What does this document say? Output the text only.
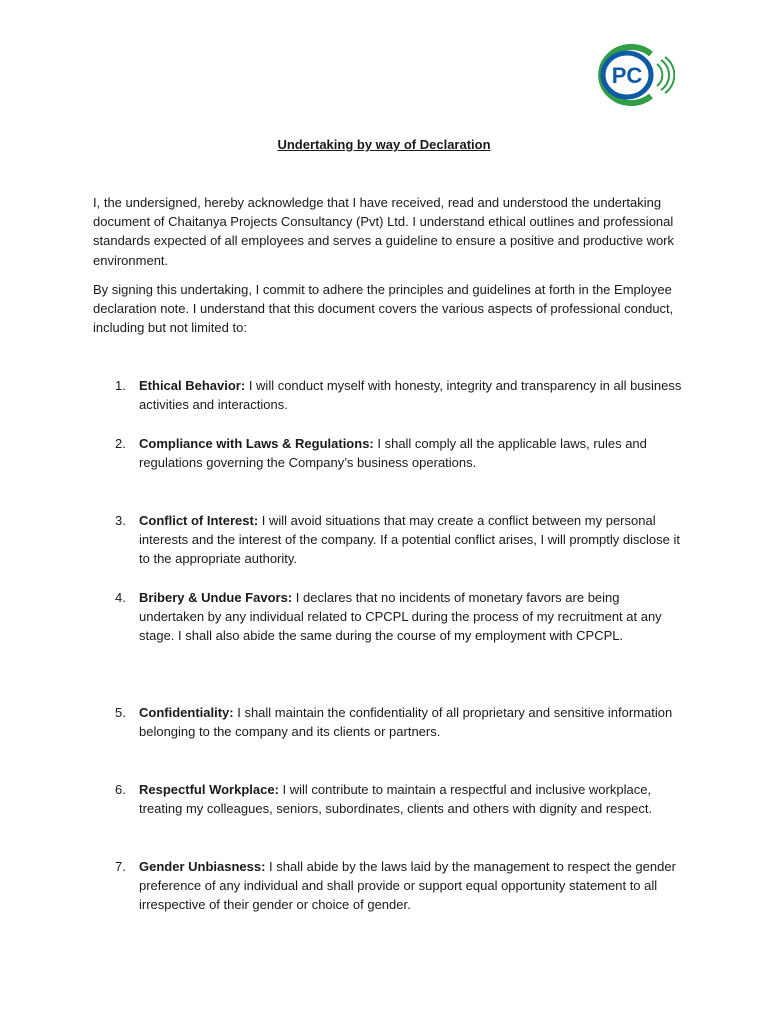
PC
Undertaking by way of Declaration

I, the undersigned, hereby acknowledge that I have received, read and understood the undertaking document of Chaitanya Projects Consultancy (Pvt) Ltd. I understand ethical outlines and professional standards expected of all employees and serves a guideline to ensure a positive and productive work environment.

By signing this undertaking, I commit to adhere the principles and guidelines at forth in the Employee declaration note. I understand that this document covers the various aspects of professional conduct, including but not limited to:

1.	Ethical Behavior: I will conduct myself with honesty, integrity and transparency in all business activities and interactions.
2.	Compliance with Laws & Regulations: I shall comply all the applicable laws, rules and regulations governing the Company’s business operations.
3.	Conflict of Interest: I will avoid situations that may create a conflict between my personal interests and the interest of the company. If a potential conflict arises, I will promptly disclose it to the appropriate authority.
4.	Bribery & Undue Favors: I declares that no incidents of monetary favors are being undertaken by any individual related to CPCPL during the process of my recruitment at any stage. I shall also abide the same during the course of my employment with CPCPL.
5.	Confidentiality: I shall maintain the confidentiality of all proprietary and sensitive information belonging to the company and its clients or partners.
6.	Respectful Workplace: I will contribute to maintain a respectful and inclusive workplace, treating my colleagues, seniors, subordinates, clients and others with dignity and respect.
7.	Gender Unbiasness: I shall abide by the laws laid by the management to respect the gender preference of any individual and shall provide or support equal opportunity statement to all irrespective of their gender or choice of gender.
